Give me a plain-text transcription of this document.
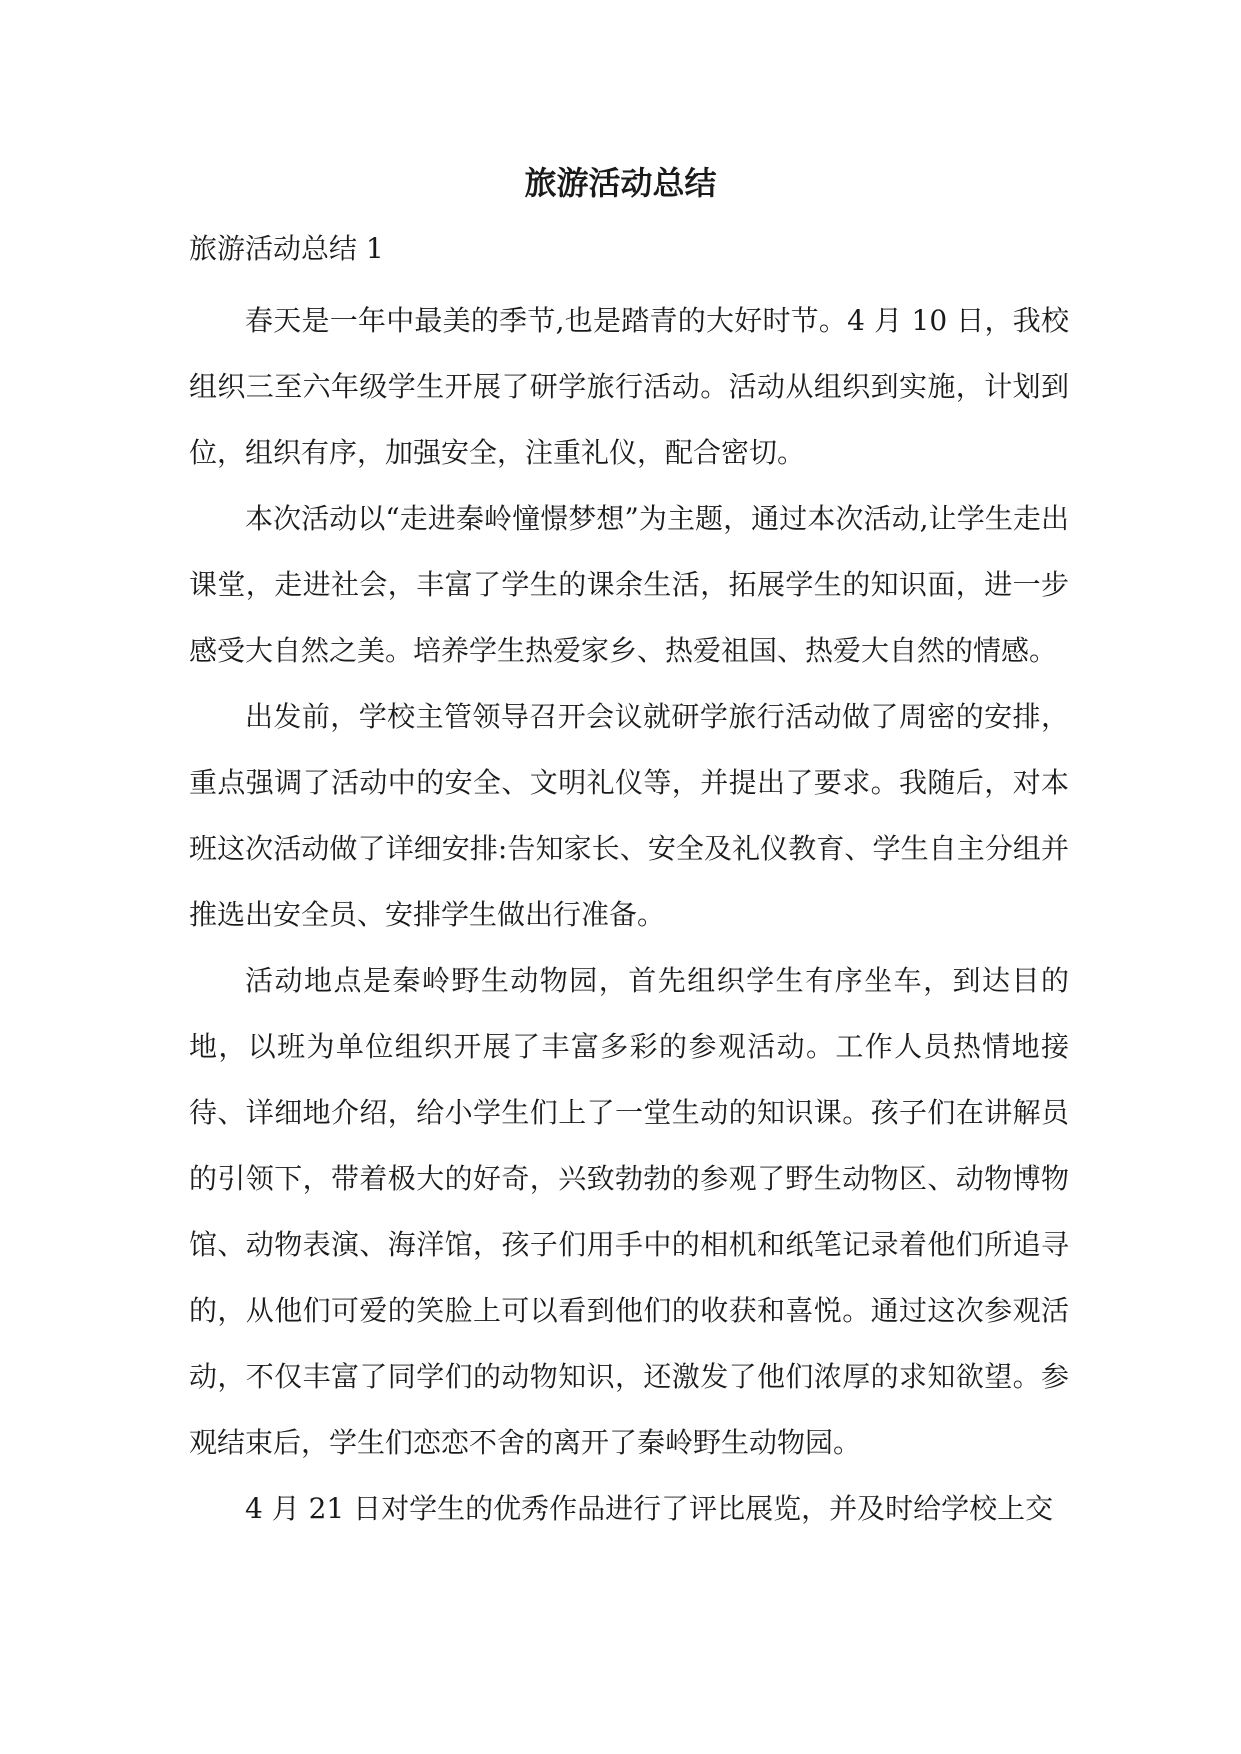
旅游活动总结

旅游活动总结 1

春天是一年中最美的季节,也是踏青的大好时节。4 月 10 日，我校组织三至六年级学生开展了研学旅行活动。活动从组织到实施，计划到位，组织有序，加强安全，注重礼仪，配合密切。

本次活动以“走进秦岭憧憬梦想”为主题，通过本次活动,让学生走出课堂，走进社会，丰富了学生的课余生活，拓展学生的知识面，进一步感受大自然之美。培养学生热爱家乡、热爱祖国、热爱大自然的情感。

出发前，学校主管领导召开会议就研学旅行活动做了周密的安排，重点强调了活动中的安全、文明礼仪等，并提出了要求。我随后，对本班这次活动做了详细安排:告知家长、安全及礼仪教育、学生自主分组并推选出安全员、安排学生做出行准备。

活动地点是秦岭野生动物园，首先组织学生有序坐车，到达目的地，以班为单位组织开展了丰富多彩的参观活动。工作人员热情地接待、详细地介绍，给小学生们上了一堂生动的知识课。孩子们在讲解员的引领下，带着极大的好奇，兴致勃勃的参观了野生动物区、动物博物馆、动物表演、海洋馆，孩子们用手中的相机和纸笔记录着他们所追寻的，从他们可爱的笑脸上可以看到他们的收获和喜悦。通过这次参观活动，不仅丰富了同学们的动物知识，还激发了他们浓厚的求知欲望。参观结束后，学生们恋恋不舍的离开了秦岭野生动物园。

4 月 21 日对学生的优秀作品进行了评比展览，并及时给学校上交
